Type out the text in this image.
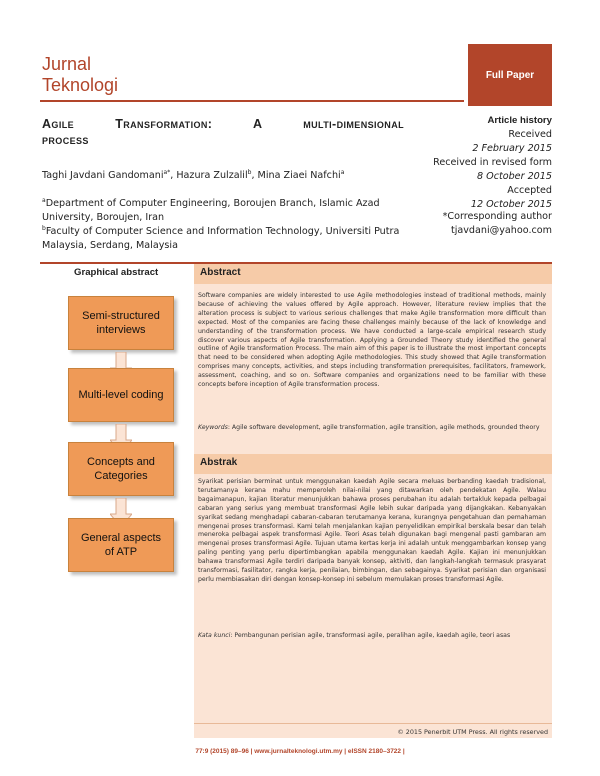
Jurnal
Teknologi	Full Paper
Agile Transformation: A multi-dimensional
process
Taghi Javdani Gandomani$^{a*}$, Hazura Zulzalil$^b$, Mina Ziaei Nafchi$^a$
$^a$Department of Computer Engineering, Boroujen Branch, Islamic Azad University, Boroujen, Iran
$^b$Faculty of Computer Science and Information Technology, Universiti Putra Malaysia, Serdang, Malaysia
Article history
Received
2 February 2015
Received in revised form
8 October 2015
Accepted
12 October 2015
*Corresponding author
tjavdani@yahoo.com
Graphical abstract
Semi-structured interviews
Multi-level coding
Concepts and Categories
General aspects of ATP
Abstract
Software companies are widely interested to use Agile methodologies instead of traditional methods, mainly because of achieving the values offered by Agile approach. However, literature review implies that the alteration process is subject to various serious challenges that make Agile transformation more difficult than expected. Most of the companies are facing these challenges mainly because of the lack of knowledge and understanding of the transformation process. We have conducted a large-scale empirical research study discover various aspects of Agile transformation. Applying a Grounded Theory study identified the general outline of Agile transformation Process. The main aim of this paper is to illustrate the most important concepts that need to be considered when adopting Agile methodologies. This study showed that Agile transformation comprises many concepts, activities, and steps including transformation prerequisites, facilitators, framework, assessment, coaching, and so on. Software companies and organizations need to be familiar with these concepts before inception of Agile transformation process.
Keywords: Agile software development, agile transformation, agile transition, agile methods, grounded theory
Abstrak
Syarikat perisian berminat untuk menggunakan kaedah Agile secara meluas berbanding kaedah tradisional, terutamanya kerana mahu memperoleh nilai-nilai yang ditawarkan oleh pendekatan Agile. Walau bagaimanapun, kajian literatur menunjukkan bahawa proses perubahan itu adalah tertakluk kepada pelbagai cabaran yang serius yang membuat transformasi Agile lebih sukar daripada yang dijangkakan. Kebanyakan syarikat sedang menghadapi cabaran-cabaran terutamanya kerana, kurangnya pengetahuan dan pemahaman mengenai proses transformasi. Kami telah menjalankan kajian penyelidikan empirikal berskala besar dan telah meneroka pelbagai aspek transformasi Agile. Teori Asas telah digunakan bagi mengenal pasti gambaran am mengenai proses transformasi Agile. Tujuan utama kertas kerja ini adalah untuk menggambarkan konsep yang paling penting yang perlu dipertimbangkan apabila menggunakan kaedah Agile. Kajian ini menunjukkan bahawa transformasi Agile terdiri daripada banyak konsep, aktiviti, dan langkah-langkah termasuk prasyarat transformasi, fasilitator, rangka kerja, penilaian, bimbingan, dan sebagainya. Syarikat perisian dan organisasi perlu membiasakan diri dengan konsep-konsep ini sebelum memulakan proses transformasi Agile.
Kata kunci: Pembangunan perisian agile, transformasi agile, peralihan agile, kaedah agile, teori asas
© 2015 Penerbit UTM Press. All rights reserved
77:9 (2015) 89–96 | www.jurnalteknologi.utm.my | eISSN 2180–3722 |
